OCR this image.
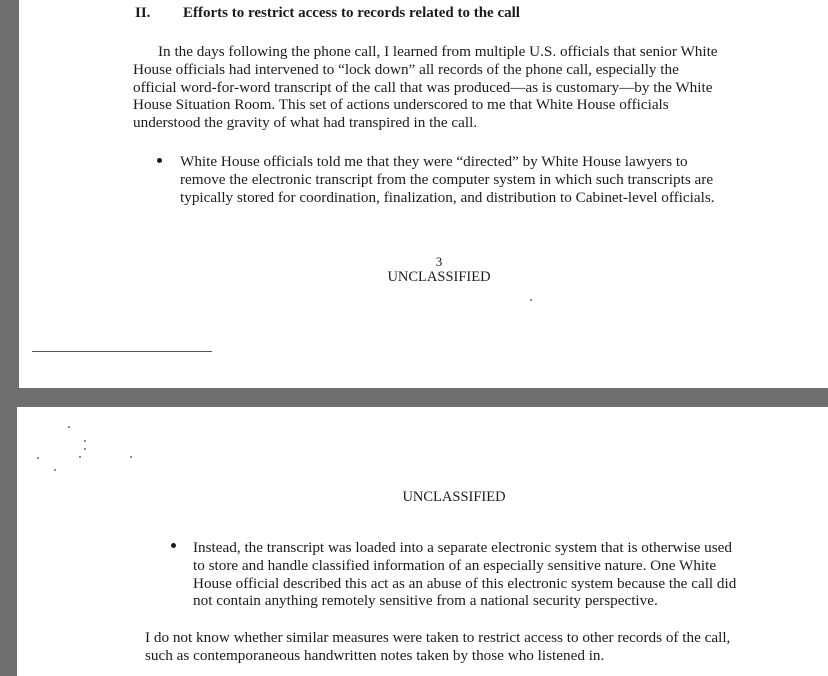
II. Efforts to restrict access to records related to the call
In the days following the phone call, I learned from multiple U.S. officials that senior White
House officials had intervened to “lock down” all records of the phone call, especially the
official word-for-word transcript of the call that was produced—as is customary—by the White
House Situation Room. This set of actions underscored to me that White House officials
understood the gravity of what had transpired in the call.
White House officials told me that they were “directed” by White House lawyers to
remove the electronic transcript from the computer system in which such transcripts are
typically stored for coordination, finalization, and distribution to Cabinet-level officials.
3
UNCLASSIFIED
UNCLASSIFIED
Instead, the transcript was loaded into a separate electronic system that is otherwise used
to store and handle classified information of an especially sensitive nature. One White
House official described this act as an abuse of this electronic system because the call did
not contain anything remotely sensitive from a national security perspective.
I do not know whether similar measures were taken to restrict access to other records of the call,
such as contemporaneous handwritten notes taken by those who listened in.
